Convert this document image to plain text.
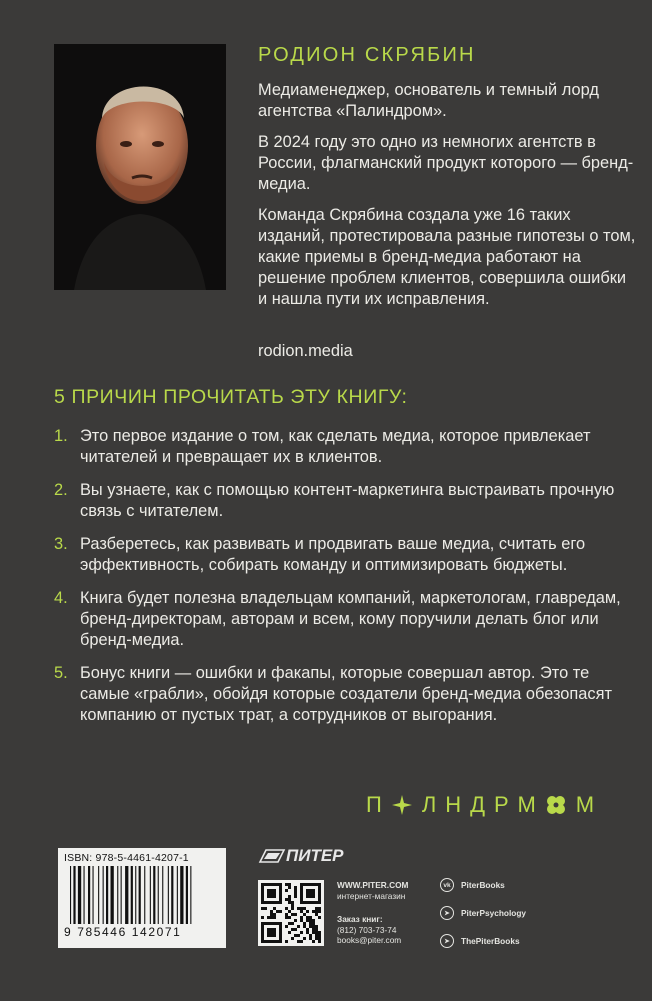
РОДИОН СКРЯБИН

Медиаменеджер, основатель и темный лорд агентства «Палиндром».

В 2024 году это одно из немногих агентств в России, флагманский продукт которого — бренд-медиа.

Команда Скрябина создала уже 16 таких изданий, протестировала разные гипотезы о том, какие приемы в бренд-медиа работают на решение проблем клиентов, совершила ошибки и нашла пути их исправления.

rodion.media
5 ПРИЧИН ПРОЧИТАТЬ ЭТУ КНИГУ:
1. Это первое издание о том, как сделать медиа, которое привлекает читателей и превращает их в клиентов.
2. Вы узнаете, как с помощью контент-маркетинга выстраивать прочную связь с читателем.
3. Разберетесь, как развивать и продвигать ваше медиа, считать его эффективность, собирать команду и оптимизировать бюджеты.
4. Книга будет полезна владельцам компаний, маркетологам, главредам, бренд-директорам, авторам и всем, кому поручили делать блог или бренд-медиа.
5. Бонус книги — ошибки и факапы, которые совершал автор. Это те самые «грабли», обойдя которые создатели бренд-медиа обезопасят компанию от пустых трат, а сотрудников от выгорания.
П ЛНДРМ М
ISBN: 978-5-4461-4207-1
9 785446 142071
ПИТЕР
WWW.PITER.COM
интернет-магазин
Заказ книг:
(812) 703-73-74
books@piter.com
vk	PiterBooks
➤	PiterPsychology
➤	ThePiterBooks
